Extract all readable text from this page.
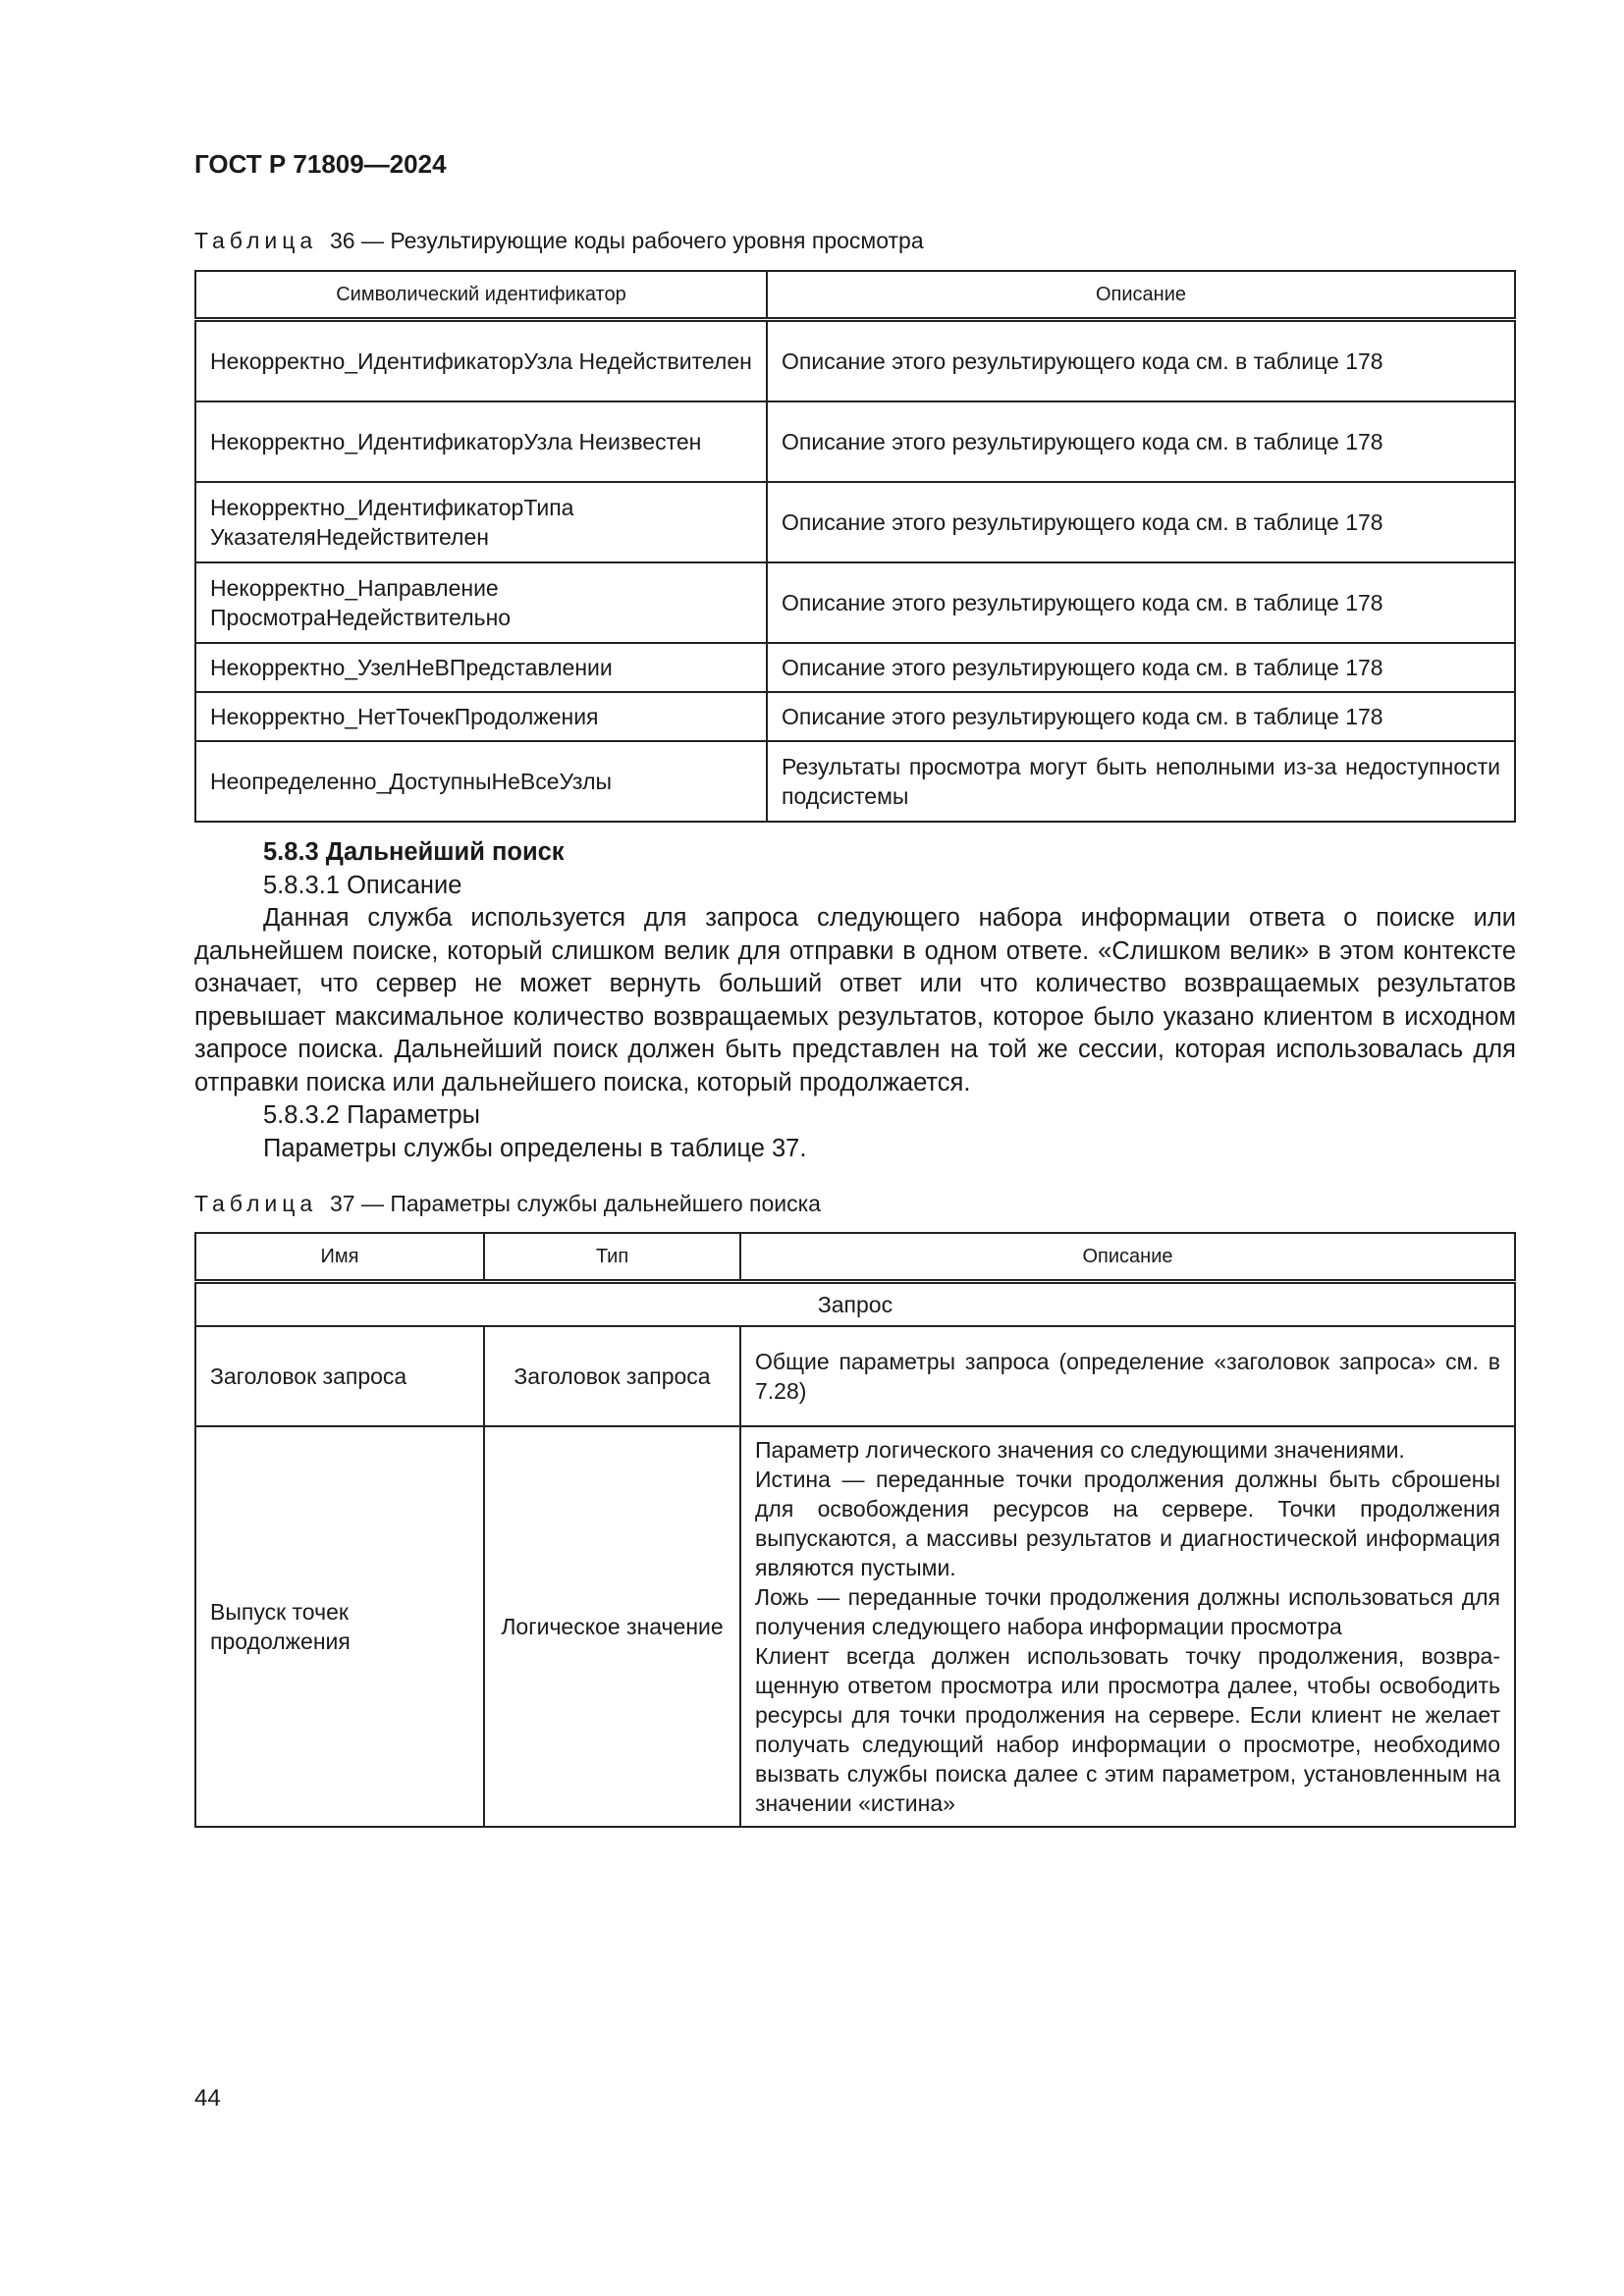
ГОСТ Р 71809—2024
Таблица 36 — Результирующие коды рабочего уровня просмотра
Символический идентификатор	Описание
Некорректно_ИдентификаторУзла Недействителен	Описание этого результирующего кода см. в таблице 178
Некорректно_ИдентификаторУзла Неизвестен	Описание этого результирующего кода см. в таблице 178
Некорректно_ИдентификаторТипа УказателяНедействителен	Описание этого результирующего кода см. в таблице 178
Некорректно_Направление ПросмотраНедействительно	Описание этого результирующего кода см. в таблице 178
Некорректно_УзелНеВПредставлении	Описание этого результирующего кода см. в таблице 178
Некорректно_НетТочекПродолжения	Описание этого результирующего кода см. в таблице 178
Неопределенно_ДоступныНеВсеУзлы	Результаты просмотра могут быть неполными из-за недоступности подсистемы

5.8.3 Дальнейший поиск

5.8.3.1 Описание

Данная служба используется для запроса следующего набора информации ответа о поиске или дальнейшем поиске, который слишком велик для отправки в одном ответе. «Слишком велик» в этом контексте означает, что сервер не может вернуть больший ответ или что количество возвращаемых результатов превышает максимальное количество возвращаемых результатов, которое было указано клиентом в исходном запросе поиска. Дальнейший поиск должен быть представлен на той же сессии, которая использовалась для отправки поиска или дальнейшего поиска, который продолжается.

5.8.3.2 Параметры

Параметры службы определены в таблице 37.

Таблица 37 — Параметры службы дальнейшего поиска
Имя	Тип	Описание
Запрос		
Заголовок запроса	Заголовок запроса	Общие параметры запроса (определение «заголовок запроса» см. в 7.28)
Выпуск точек продолжения	Логическое значение	Параметр логического значения со следующими значениями.
Истина — переданные точки продолжения должны быть сброшены для освобождения ресурсов на сервере. Точки продолжения выпускаются, а массивы результатов и диагностической информация являются пустыми.
Ложь — переданные точки продолжения должны использоваться для получения следующего набора информации просмотра
Клиент всегда должен использовать точку продолжения, возвращенную ответом просмотра или просмотра далее, чтобы освободить ресурсы для точки продолжения на сервере. Если клиент не желает получать следующий набор информации о просмотре, необходимо вызвать службы поиска далее с этим параметром, установленным на значении «истина»
44
